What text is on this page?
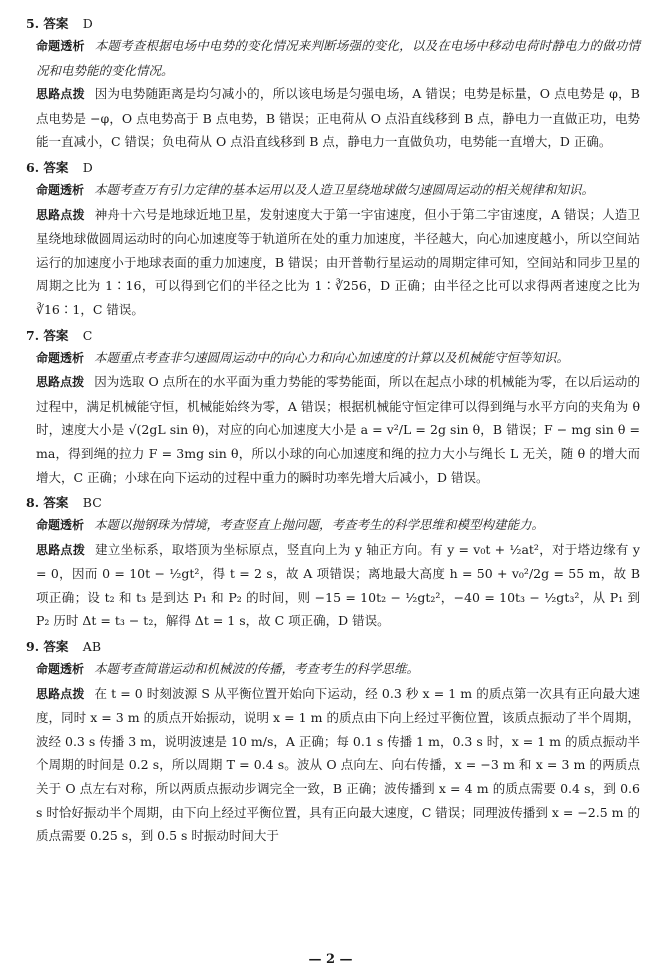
5. 答案 D

命题透析 本题考查根据电场中电势的变化情况来判断场强的变化，以及在电场中移动电荷时静电力的做功情况和电势能的变化情况。

思路点拨 因为电势随距离是均匀减小的，所以该电场是匀强电场，A 错误；电势是标量，O 点电势是 φ，B 点电势是 −φ，O 点电势高于 B 点电势，B 错误；正电荷从 O 点沿直线移到 B 点，静电力一直做正功，电势能一直减小，C 错误；负电荷从 O 点沿直线移到 B 点，静电力一直做负功，电势能一直增大，D 正确。

6. 答案 D

命题透析 本题考查万有引力定律的基本运用以及人造卫星绕地球做匀速圆周运动的相关规律和知识。

思路点拨 神舟十六号是地球近地卫星，发射速度大于第一宇宙速度，但小于第二宇宙速度，A 错误；人造卫星绕地球做圆周运动时的向心加速度等于轨道所在处的重力加速度，半径越大，向心加速度越小，所以空间站运行的加速度小于地球表面的重力加速度，B 错误；由开普勒行星运动的周期定律可知，空间站和同步卫星的周期之比为 1∶16，可以得到它们的半径之比为 1∶∛256，D 正确；由半径之比可以求得两者速度之比为 ∛16∶1，C 错误。

7. 答案 C

命题透析 本题重点考查非匀速圆周运动中的向心力和向心加速度的计算以及机械能守恒等知识。

思路点拨 因为选取 O 点所在的水平面为重力势能的零势能面，所以在起点小球的机械能为零，在以后运动的过程中，满足机械能守恒，机械能始终为零，A 错误；根据机械能守恒定律可以得到绳与水平方向的夹角为 θ 时，速度大小是 √(2gL sin θ)，对应的向心加速度大小是 a = v²/L = 2g sin θ，B 错误；F − mg sin θ = ma，得到绳的拉力 F = 3mg sin θ，所以小球的向心加速度和绳的拉力大小与绳长 L 无关，随 θ 的增大而增大，C 正确；小球在向下运动的过程中重力的瞬时功率先增大后减小，D 错误。

8. 答案 BC

命题透析 本题以抛钢珠为情境，考查竖直上抛问题，考查考生的科学思维和模型构建能力。

思路点拨 建立坐标系，取塔顶为坐标原点，竖直向上为 y 轴正方向。有 y = v₀t + ½at²，对于塔边缘有 y = 0，因而 0 = 10t − ½gt²，得 t = 2 s，故 A 项错误；离地最大高度 h = 50 + v₀²/2g = 55 m，故 B 项正确；设 t₂ 和 t₃ 是到达 P₁ 和 P₂ 的时间，则 −15 = 10t₂ − ½gt₂²，−40 = 10t₃ − ½gt₃²，从 P₁ 到 P₂ 历时 Δt = t₃ − t₂，解得 Δt = 1 s，故 C 项正确，D 错误。

9. 答案 AB

命题透析 本题考查简谐运动和机械波的传播，考查考生的科学思维。

思路点拨 在 t = 0 时刻波源 S 从平衡位置开始向下运动，经 0.3 秒 x = 1 m 的质点第一次具有正向最大速度，同时 x = 3 m 的质点开始振动，说明 x = 1 m 的质点由下向上经过平衡位置，该质点振动了半个周期，波经 0.3 s 传播 3 m，说明波速是 10 m/s，A 正确；每 0.1 s 传播 1 m，0.3 s 时，x = 1 m 的质点振动半个周期的时间是 0.2 s，所以周期 T = 0.4 s。波从 O 点向左、向右传播，x = −3 m 和 x = 3 m 的两质点关于 O 点左右对称，所以两质点振动步调完全一致，B 正确；波传播到 x = 4 m 的质点需要 0.4 s，到 0.6 s 时恰好振动半个周期，由下向上经过平衡位置，具有正向最大速度，C 错误；同理波传播到 x = −2.5 m 的质点需要 0.25 s，到 0.5 s 时振动时间大于

— 2 —
